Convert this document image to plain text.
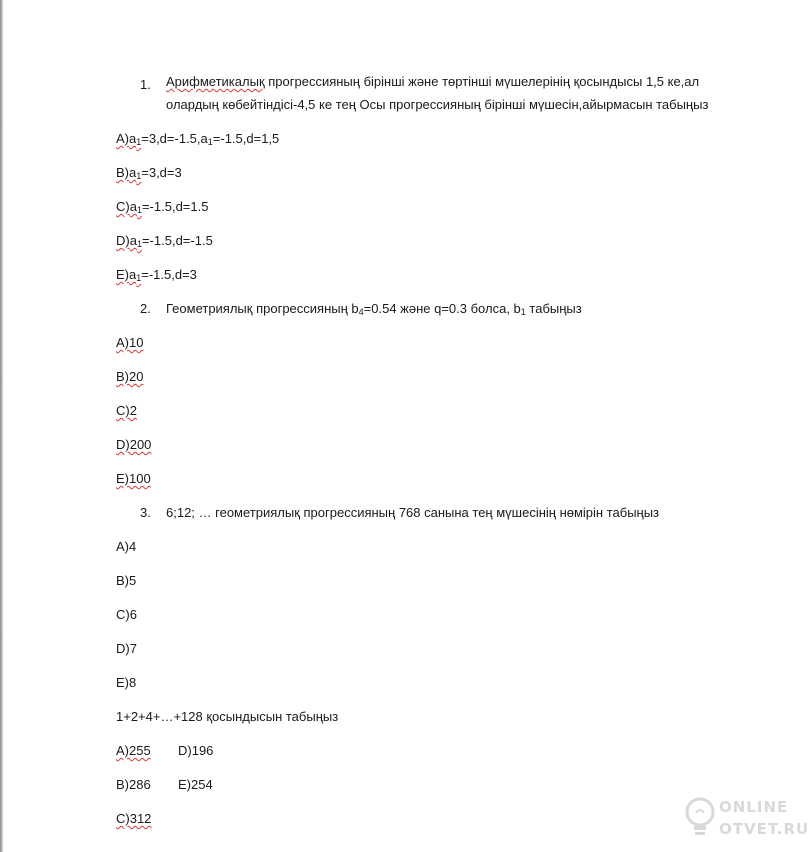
1. Арифметикалық прогрессияның бірінші және төртінші мүшелерінің қосындысы 1,5 ке,ал
олардың көбейтіндісі-4,5 ке тең Осы прогрессияның бірінші мүшесін,айырмасын табыңыз
$A)a_1=3,d=-1.5,a_1=-1.5,d=1,5$
$B)a_1=3,d=3$
$C)a_1=-1.5,d=1.5$
$D)a_1=-1.5,d=-1.5$
$E)a_1=-1.5,d=3$
2. Геометриялық прогрессияның $b_4=0.54$ және q=0.3 болса, $b_1$ табыңыз
A)10
B)20
C)2
D)200
E)100
3. 6;12; … геометриялық прогрессияның 768 санына тең мүшесінің нөмірін табыңыз
A)4
B)5
C)6
D)7
E)8
1+2+4+…+128 қосындысын табыңыз
A)255 D)196
B)286 E)254
C)312
ONLINE
OTVET.RU
